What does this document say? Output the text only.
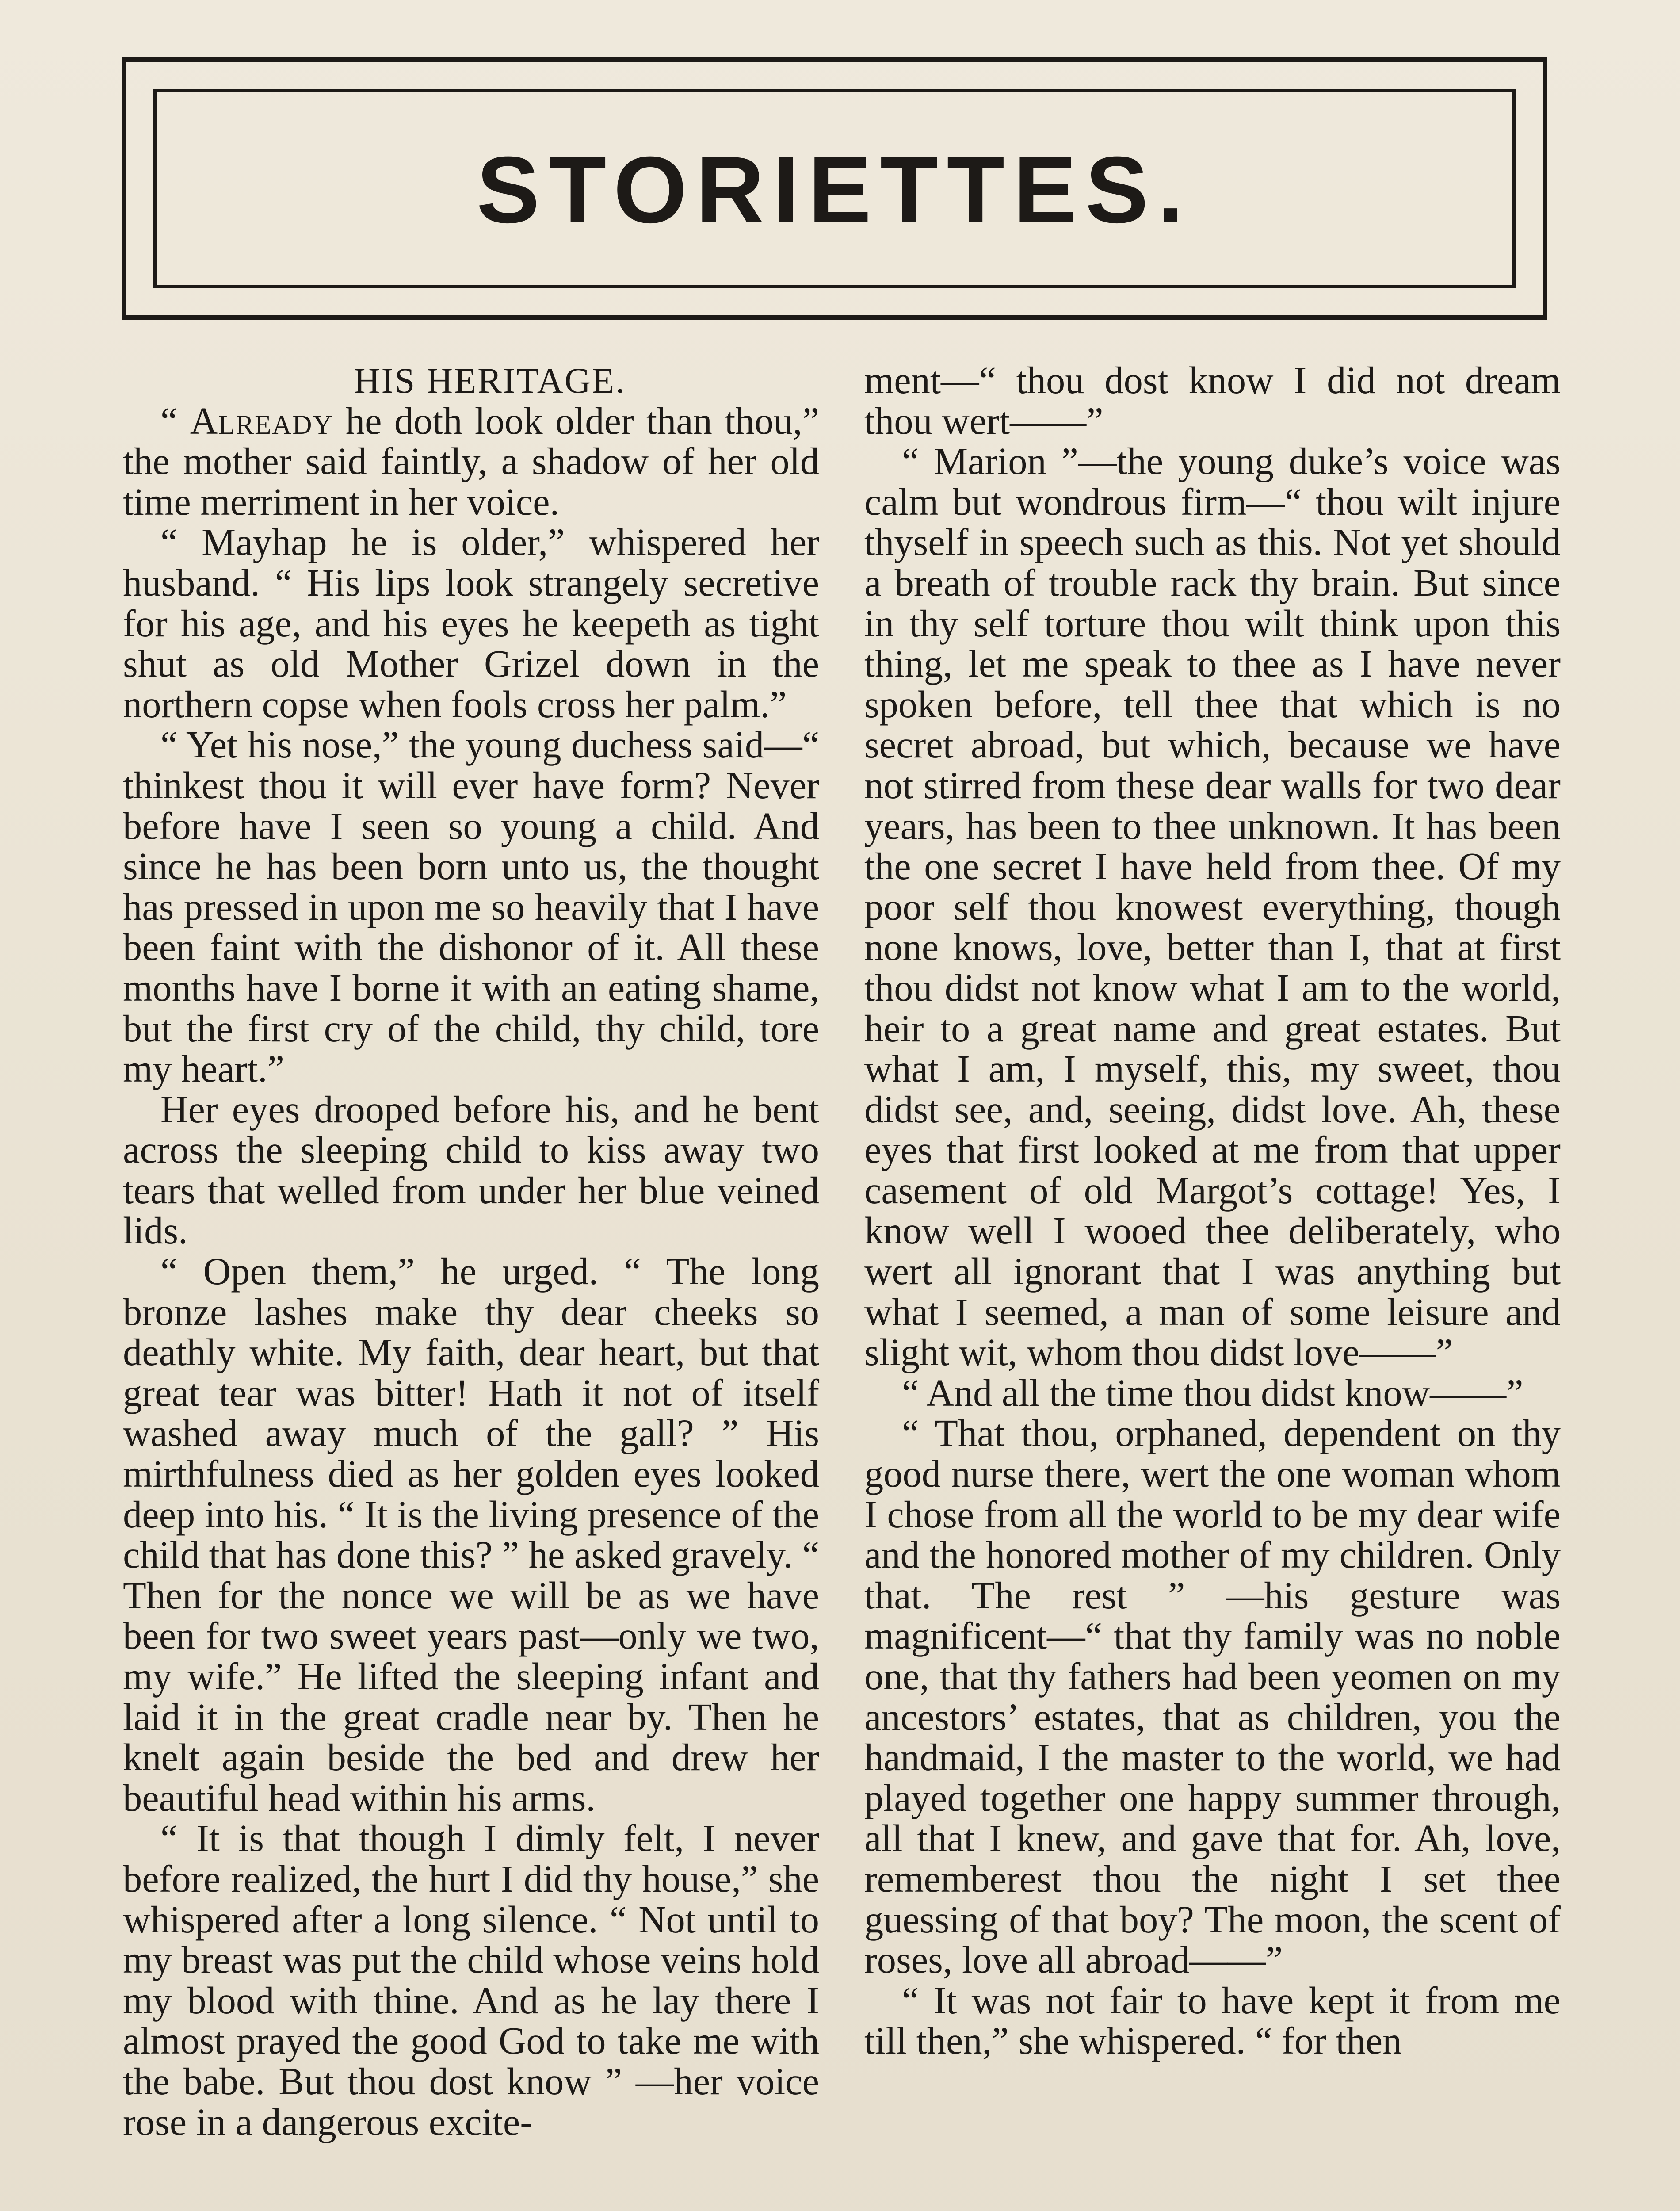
STORIETTES.

HIS HERITAGE.

“ Already he doth look older than thou,” the mother said faintly, a shadow of her old time merriment in her voice.

“ Mayhap he is older,” whispered her husband. “ His lips look strangely secretive for his age, and his eyes he keepeth as tight shut as old Mother Grizel down in the northern copse when fools cross her palm.”

“ Yet his nose,” the young duchess said—“ thinkest thou it will ever have form? Never before have I seen so young a child. And since he has been born unto us, the thought has pressed in upon me so heavily that I have been faint with the dishonor of it. All these months have I borne it with an eating shame, but the first cry of the child, thy child, tore my heart.”

Her eyes drooped before his, and he bent across the sleeping child to kiss away two tears that welled from under her blue veined lids.

“ Open them,” he urged. “ The long bronze lashes make thy dear cheeks so deathly white. My faith, dear heart, but that great tear was bitter! Hath it not of itself washed away much of the gall? ” His mirthfulness died as her golden eyes looked deep into his. “ It is the living presence of the child that has done this? ” he asked gravely. “ Then for the nonce we will be as we have been for two sweet years past—only we two, my wife.” He lifted the sleeping infant and laid it in the great cradle near by. Then he knelt again beside the bed and drew her beautiful head within his arms.

“ It is that though I dimly felt, I never before realized, the hurt I did thy house,” she whispered after a long silence. “ Not until to my breast was put the child whose veins hold my blood with thine. And as he lay there I almost prayed the good God to take me with the babe. But thou dost know ” —her voice rose in a dangerous excite-

ment—“ thou dost know I did not dream thou wert——”

“ Marion ”—the young duke’s voice was calm but wondrous firm—“ thou wilt injure thyself in speech such as this. Not yet should a breath of trouble rack thy brain. But since in thy self torture thou wilt think upon this thing, let me speak to thee as I have never spoken before, tell thee that which is no secret abroad, but which, because we have not stirred from these dear walls for two dear years, has been to thee unknown. It has been the one secret I have held from thee. Of my poor self thou knowest everything, though none knows, love, better than I, that at first thou didst not know what I am to the world, heir to a great name and great estates. But what I am, I myself, this, my sweet, thou didst see, and, seeing, didst love. Ah, these eyes that first looked at me from that upper casement of old Margot’s cottage! Yes, I know well I wooed thee deliberately, who wert all ignorant that I was anything but what I seemed, a man of some leisure and slight wit, whom thou didst love——”

“ And all the time thou didst know——”

“ That thou, orphaned, dependent on thy good nurse there, wert the one woman whom I chose from all the world to be my dear wife and the honored mother of my children. Only that. The rest ” —his gesture was magnificent—“ that thy family was no noble one, that thy fathers had been yeomen on my ancestors’ estates, that as children, you the handmaid, I the master to the world, we had played together one happy summer through, all that I knew, and gave that for. Ah, love, rememberest thou the night I set thee guessing of that boy? The moon, the scent of roses, love all abroad——”

“ It was not fair to have kept it from me till then,” she whispered. “ for then
